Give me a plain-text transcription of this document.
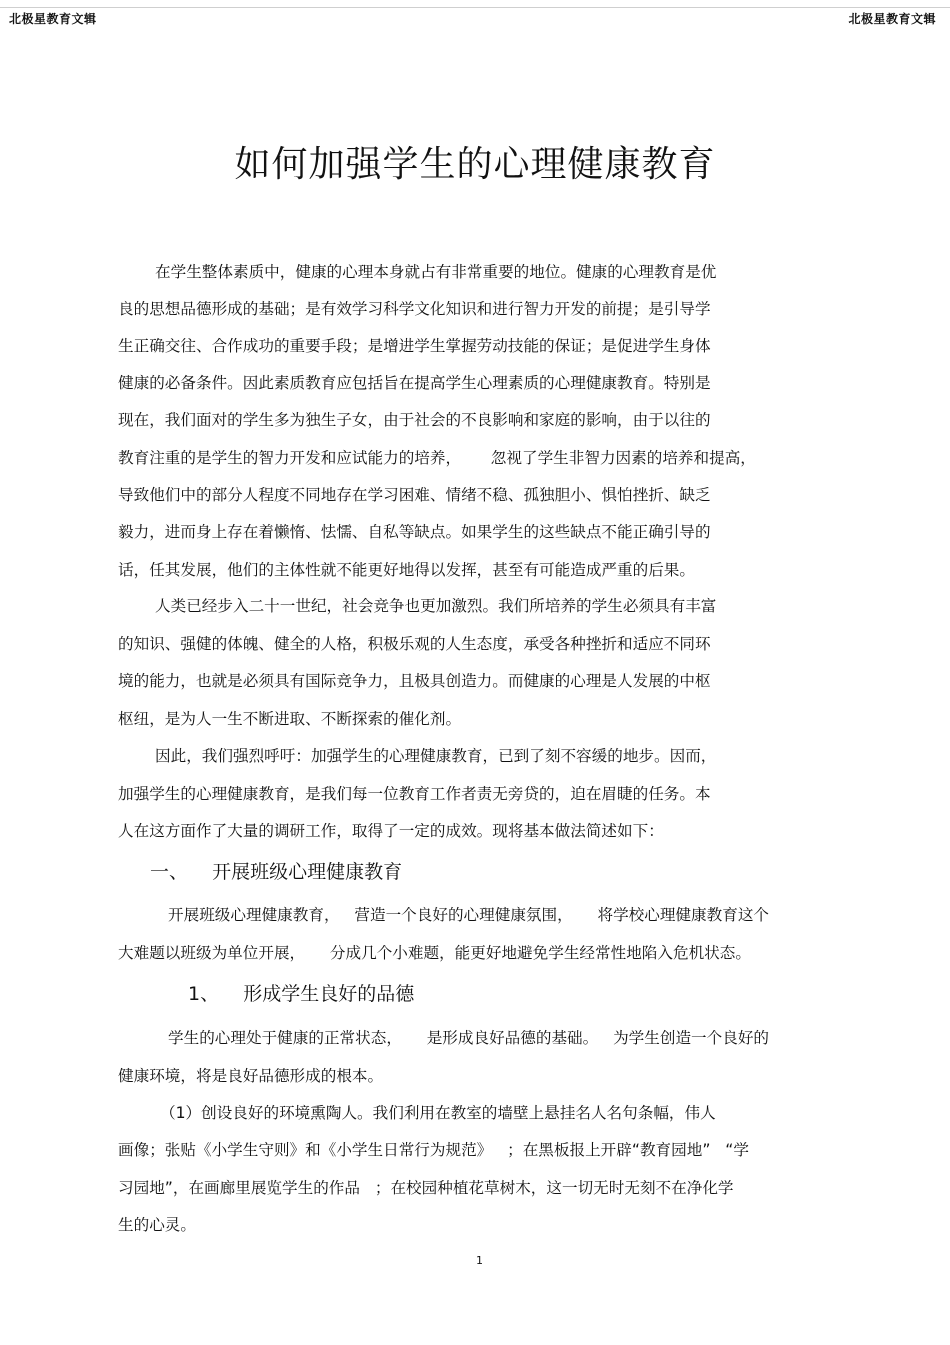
北极星教育文辑	北极星教育文辑
如何加强学生的心理健康教育
在学生整体素质中，健康的心理本身就占有非常重要的地位。健康的心理教育是优
良的思想品德形成的基础；是有效学习科学文化知识和进行智力开发的前提；是引导学
生正确交往、合作成功的重要手段；是增进学生掌握劳动技能的保证；是促进学生身体
健康的必备条件。因此素质教育应包括旨在提高学生心理素质的心理健康教育。特别是
现在，我们面对的学生多为独生子女，由于社会的不良影响和家庭的影响，由于以往的
教育注重的是学生的智力开发和应试能力的培养，      忽视了学生非智力因素的培养和提高，
导致他们中的部分人程度不同地存在学习困难、情绪不稳、孤独胆小、惧怕挫折、缺乏
毅力，进而身上存在着懒惰、怯懦、自私等缺点。如果学生的这些缺点不能正确引导的
话，任其发展，他们的主体性就不能更好地得以发挥，甚至有可能造成严重的后果。
人类已经步入二十一世纪，社会竞争也更加激烈。我们所培养的学生必须具有丰富
的知识、强健的体魄、健全的人格，积极乐观的人生态度，承受各种挫折和适应不同环
境的能力，也就是必须具有国际竞争力，且极具创造力。而健康的心理是人发展的中枢
枢纽，是为人一生不断进取、不断探索的催化剂。
因此，我们强烈呼吁：加强学生的心理健康教育，已到了刻不容缓的地步。因而，
加强学生的心理健康教育，是我们每一位教育工作者责无旁贷的，迫在眉睫的任务。本
人在这方面作了大量的调研工作，取得了一定的成效。现将基本做法简述如下：
一、    开展班级心理健康教育
开展班级心理健康教育，   营造一个良好的心理健康氛围，     将学校心理健康教育这个
大难题以班级为单位开展，     分成几个小难题，能更好地避免学生经常性地陷入危机状态。
1、    形成学生良好的品德
学生的心理处于健康的正常状态，     是形成良好品德的基础。   为学生创造一个良好的
健康环境，将是良好品德形成的根本。
（1）创设良好的环境熏陶人。我们利用在教室的墙壁上悬挂名人名句条幅，伟人
画像；张贴《小学生守则》和《小学生日常行为规范》   ；在黑板报上开辟“教育园地”   “学
习园地”，在画廊里展览学生的作品   ；在校园种植花草树木，这一切无时无刻不在净化学
生的心灵。
1
